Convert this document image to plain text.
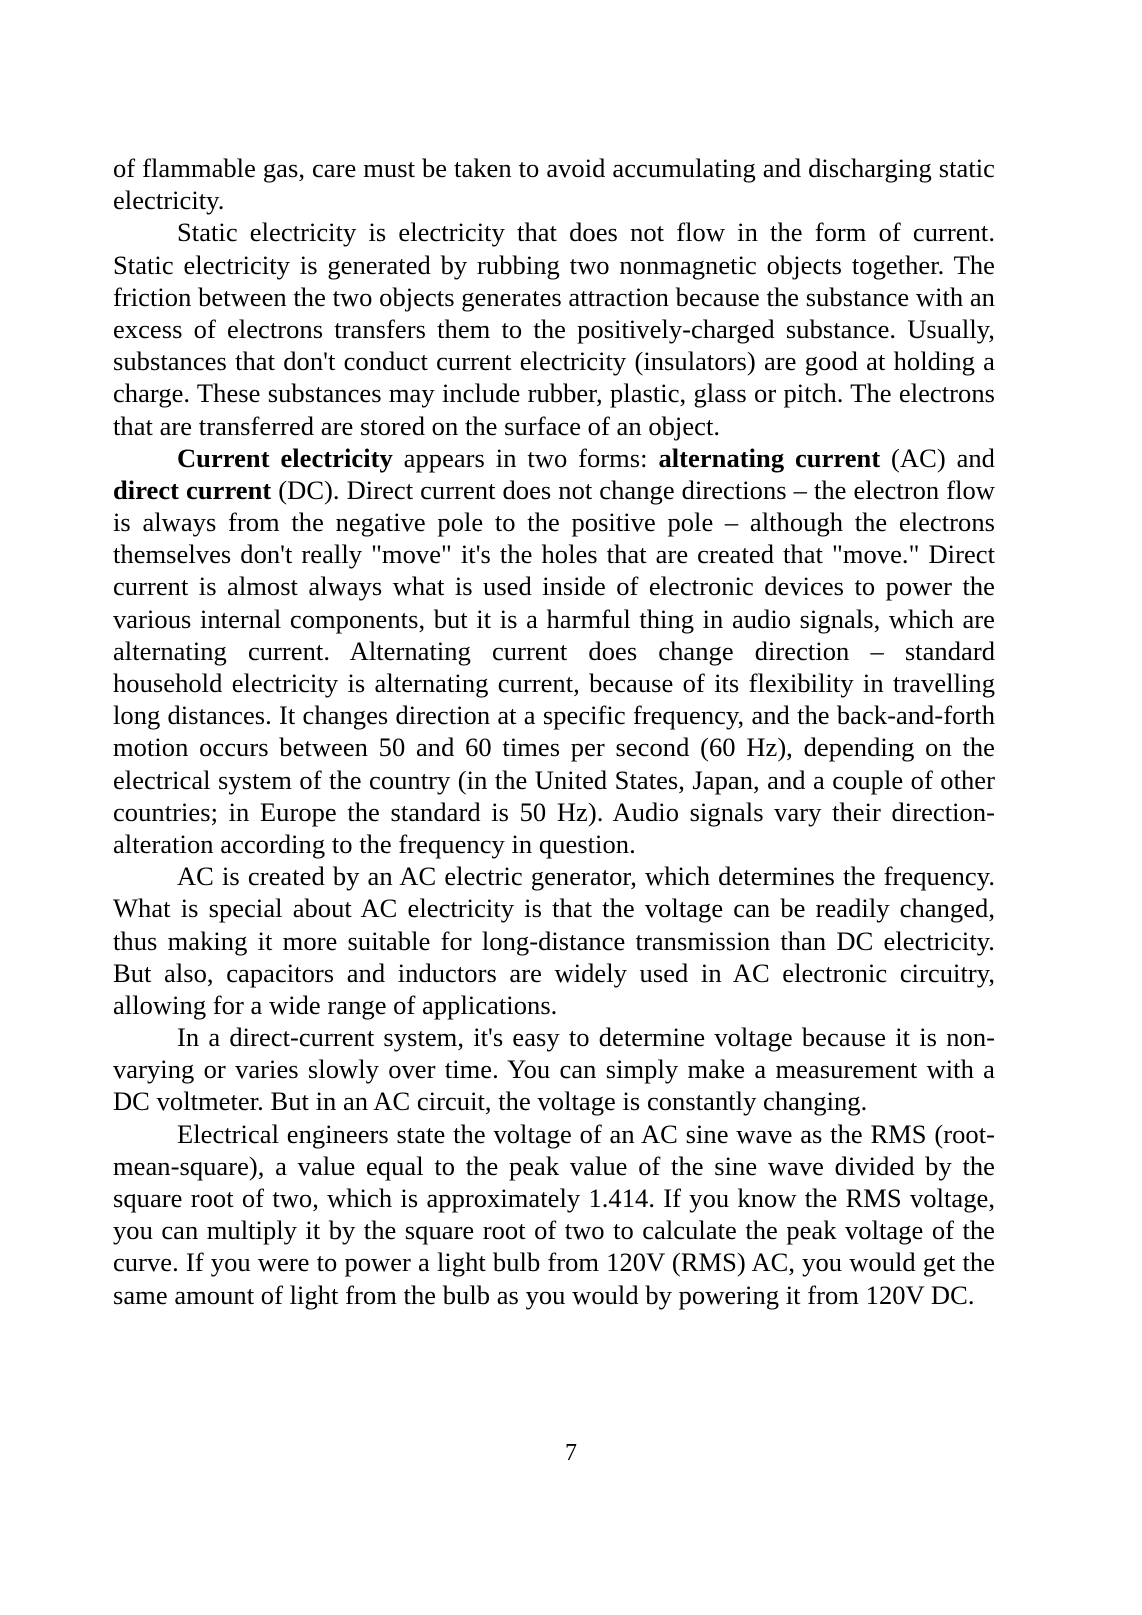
of flammable gas, care must be taken to avoid accumulating and discharging static electricity.

Static electricity is electricity that does not flow in the form of current. Static electricity is generated by rubbing two nonmagnetic objects together. The friction between the two objects generates attraction because the substance with an excess of electrons transfers them to the positively-charged substance. Usually, substances that don't conduct current electricity (insulators) are good at holding a charge. These substances may include rubber, plastic, glass or pitch. The electrons that are transferred are stored on the surface of an object.

Current electricity appears in two forms: alternating current (AC) and direct current (DC). Direct current does not change directions – the electron flow is always from the negative pole to the positive pole – although the electrons themselves don't really "move" it's the holes that are created that "move." Direct current is almost always what is used inside of electronic devices to power the various internal components, but it is a harmful thing in audio signals, which are alternating current. Alternating current does change direction – standard household electricity is alternating current, because of its flexibility in travelling long distances. It changes direction at a specific frequency, and the back-and-forth motion occurs between 50 and 60 times per second (60 Hz), depending on the electrical system of the country (in the United States, Japan, and a couple of other countries; in Europe the standard is 50 Hz). Audio signals vary their direction-alteration according to the frequency in question.

AC is created by an AC electric generator, which determines the frequency. What is special about AC electricity is that the voltage can be readily changed, thus making it more suitable for long-distance transmission than DC electricity. But also, capacitors and inductors are widely used in AC electronic circuitry, allowing for a wide range of applications.

In a direct-current system, it's easy to determine voltage because it is non-varying or varies slowly over time. You can simply make a measurement with a DC voltmeter. But in an AC circuit, the voltage is constantly changing.

Electrical engineers state the voltage of an AC sine wave as the RMS (root-mean-square), a value equal to the peak value of the sine wave divided by the square root of two, which is approximately 1.414. If you know the RMS voltage, you can multiply it by the square root of two to calculate the peak voltage of the curve. If you were to power a light bulb from 120V (RMS) AC, you would get the same amount of light from the bulb as you would by powering it from 120V DC.

7
